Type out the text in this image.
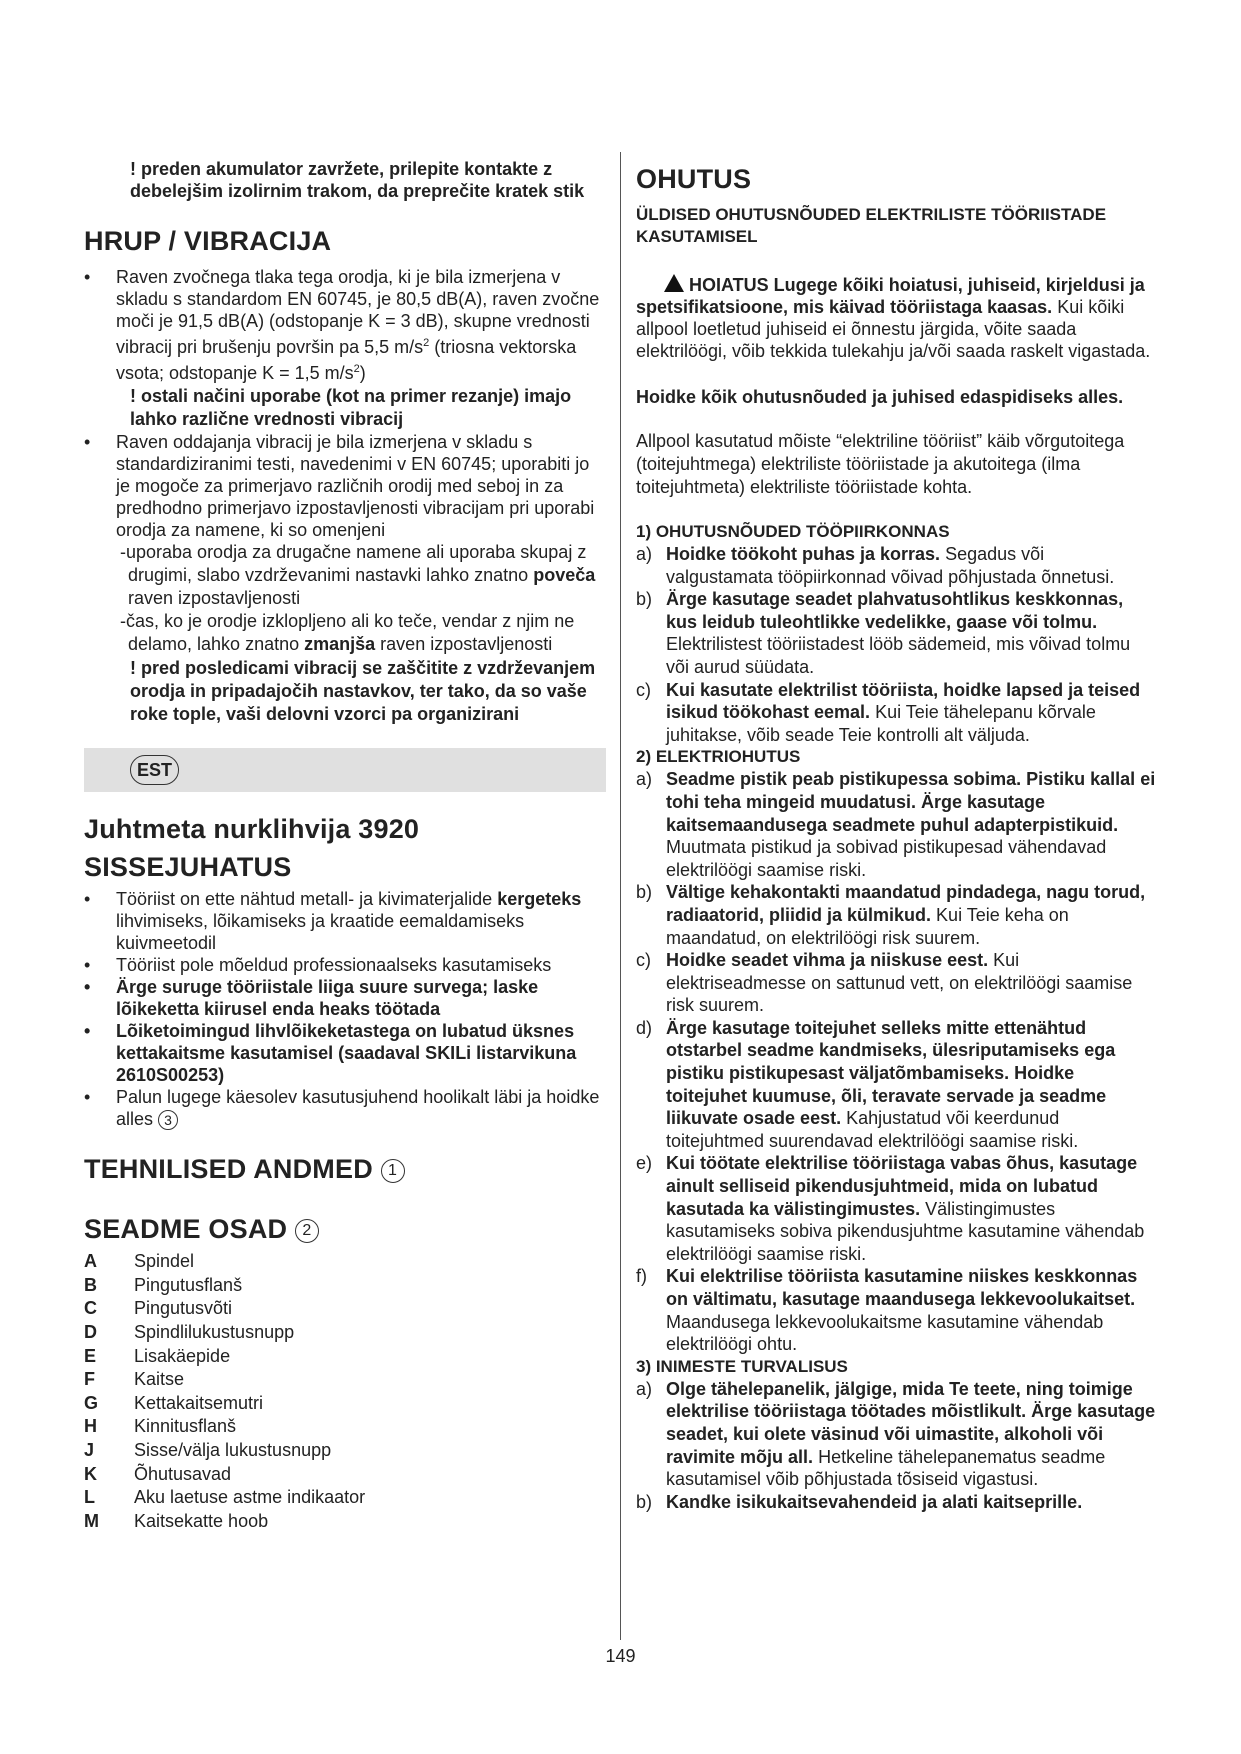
! preden akumulator zavržete, prilepite kontakte z debelejšim izolirnim trakom, da preprečite kratek stik

HRUP / VIBRACIJA

• Raven zvočnega tlaka tega orodja, ki je bila izmerjena v skladu s standardom EN 60745, je 80,5 dB(A), raven zvočne moči je 91,5 dB(A) (odstopanje K = 3 dB), skupne vrednosti vibracij pri brušenju površin pa 5,5 $m/s^2$ (triosna vektorska vsota; odstopanje K = 1,5 $m/s^2$)

! ostali načini uporabe (kot na primer rezanje) imajo lahko različne vrednosti vibracij

• Raven oddajanja vibracij je bila izmerjena v skladu s standardiziranimi testi, navedenimi v EN 60745; uporabiti jo je mogoče za primerjavo različnih orodij med seboj in za predhodno primerjavo izpostavljenosti vibracijam pri uporabi orodja za namene, ki so omenjeni

-uporaba orodja za drugačne namene ali uporaba skupaj z drugimi, slabo vzdrževanimi nastavki lahko znatno poveča raven izpostavljenosti

-čas, ko je orodje izklopljeno ali ko teče, vendar z njim ne delamo, lahko znatno zmanjša raven izpostavljenosti

! pred posledicami vibracij se zaščitite z vzdrževanjem orodja in pripadajočih nastavkov, ter tako, da so vaše roke tople, vaši delovni vzorci pa organizirani

EST
Juhtmeta nurklihvija 3920
SISSEJUHATUS

• Tööriist on ette nähtud metall- ja kivimaterjalide kergeteks lihvimiseks, lõikamiseks ja kraatide eemaldamiseks kuivmeetodil

• Tööriist pole mõeldud professionaalseks kasutamiseks

• Ärge suruge tööriistale liiga suure survega; laske lõikeketta kiirusel enda heaks töötada

• Lõiketoimingud lihvlõikeketastega on lubatud üksnes kettakaitsme kasutamisel (saadaval SKILi listarvikuna 2610S00253)

• Palun lugege käesolev kasutusjuhend hoolikalt läbi ja hoidke alles 3

TEHNILISED ANDMED 1
SEADME OSAD 2
A	Spindel
B	Pingutusflanš
C	Pingutusvõti
D	Spindlilukustusnupp
E	Lisakäepide
F	Kaitse
G	Kettakaitsemutri
H	Kinnitusflanš
J	Sisse/välja lukustusnupp
K	Õhutusavad
L	Aku laetuse astme indikaator
M	Kaitsekatte hoob
OHUTUS

ÜLDISED OHUTUSNÕUDED ELEKTRILISTE TÖÖRIISTADE KASUTAMISEL

! HOIATUS Lugege kõiki hoiatusi, juhiseid, kirjeldusi ja spetsifikatsioone, mis käivad tööriistaga kaasas. Kui kõiki allpool loetletud juhiseid ei õnnestu järgida, võite saada elektrilöögi, võib tekkida tulekahju ja/või saada raskelt vigastada.

Hoidke kõik ohutusnõuded ja juhised edaspidiseks alles.

Allpool kasutatud mõiste “elektriline tööriist” käib võrgutoitega (toitejuhtmega) elektriliste tööriistade ja akutoitega (ilma toitejuhtmeta) elektriliste tööriistade kohta.

1) OHUTUSNÕUDED TÖÖPIIRKONNAS

a) Hoidke töökoht puhas ja korras. Segadus või valgustamata tööpiirkonnad võivad põhjustada õnnetusi.

b) Ärge kasutage seadet plahvatusohtlikus keskkonnas, kus leidub tuleohtlikke vedelikke, gaase või tolmu. Elektrilistest tööriistadest lööb sädemeid, mis võivad tolmu või aurud süüdata.

c) Kui kasutate elektrilist tööriista, hoidke lapsed ja teised isikud töökohast eemal. Kui Teie tähelepanu kõrvale juhitakse, võib seade Teie kontrolli alt väljuda.

2) ELEKTRIOHUTUS

a) Seadme pistik peab pistikupessa sobima. Pistiku kallal ei tohi teha mingeid muudatusi. Ärge kasutage kaitsemaandusega seadmete puhul adapterpistikuid. Muutmata pistikud ja sobivad pistikupesad vähendavad elektrilöögi saamise riski.

b) Vältige kehakontakti maandatud pindadega, nagu torud, radiaatorid, pliidid ja külmikud. Kui Teie keha on maandatud, on elektrilöögi risk suurem.

c) Hoidke seadet vihma ja niiskuse eest. Kui elektriseadmesse on sattunud vett, on elektrilöögi saamise risk suurem.

d) Ärge kasutage toitejuhet selleks mitte ettenähtud otstarbel seadme kandmiseks, ülesriputamiseks ega pistiku pistikupesast väljatõmbamiseks. Hoidke toitejuhet kuumuse, õli, teravate servade ja seadme liikuvate osade eest. Kahjustatud või keerdunud toitejuhtmed suurendavad elektrilöögi saamise riski.

e) Kui töötate elektrilise tööriistaga vabas õhus, kasutage ainult selliseid pikendusjuhtmeid, mida on lubatud kasutada ka välistingimustes. Välistingimustes kasutamiseks sobiva pikendusjuhtme kasutamine vähendab elektrilöögi saamise riski.

f) Kui elektrilise tööriista kasutamine niiskes keskkonnas on vältimatu, kasutage maandusega lekkevoolukaitset. Maandusega lekkevoolukaitsme kasutamine vähendab elektrilöögi ohtu.

3) INIMESTE TURVALISUS

a) Olge tähelepanelik, jälgige, mida Te teete, ning toimige elektrilise tööriistaga töötades mõistlikult. Ärge kasutage seadet, kui olete väsinud või uimastite, alkoholi või ravimite mõju all. Hetkeline tähelepanematus seadme kasutamisel võib põhjustada tõsiseid vigastusi.

b) Kandke isikukaitsevahendeid ja alati kaitseprille.

149
